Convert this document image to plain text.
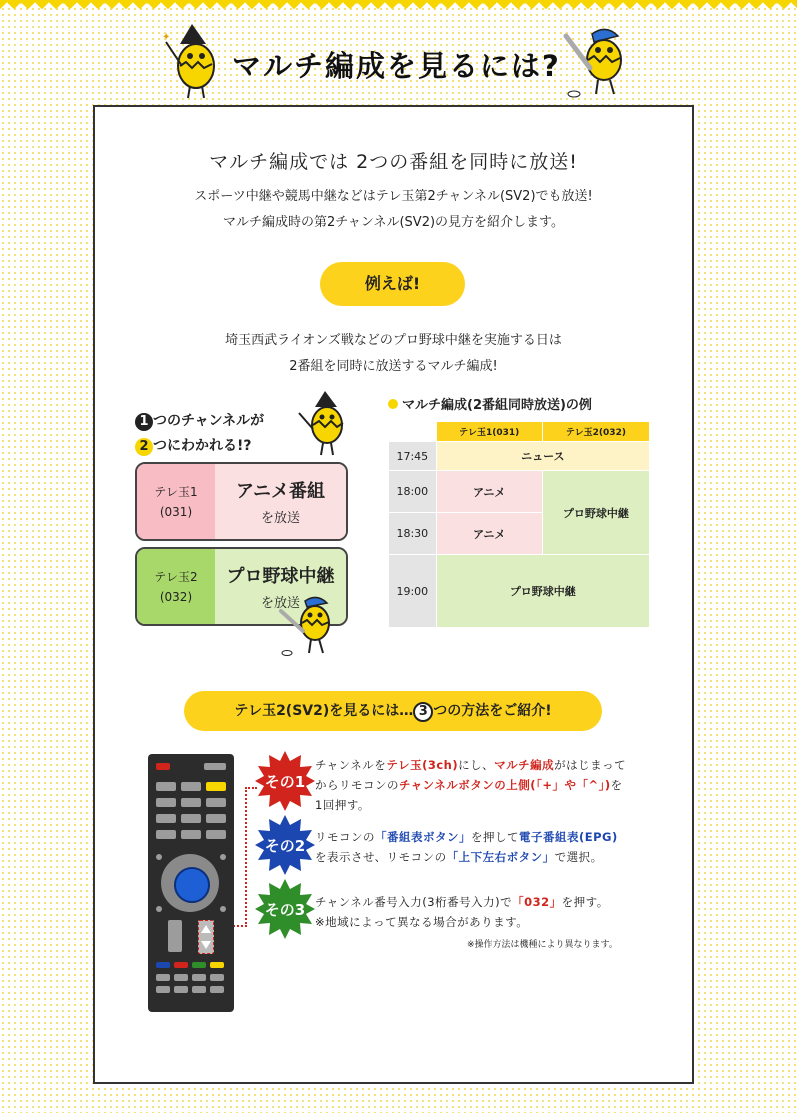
✦
マルチ編成を見るには?
マルチ編成では 2つの番組を同時に放送!
スポーツ中継や競馬中継などはテレ玉第2チャンネル(SV2)でも放送!
マルチ編成時の第2チャンネル(SV2)の見方を紹介します。
例えば!
埼玉西武ライオンズ戦などのプロ野球中継を実施する日は
2番組を同時に放送するマルチ編成!
1 つのチャンネルが
2 つにわかれる!?
テレ玉1
(031)
アニメ番組
を放送
テレ玉2
(032)
プロ野球中継
を放送
マルチ編成(2番組同時放送)の例
	テレ玉1(031)	テレ玉2(032)
17:45	ニュース	
18:00	アニメ	プロ野球中継
18:30	アニメ	
19:00	プロ野球中継	
テレ玉2(SV2)を見るには… 3 つの方法をご紹介!
その1
その2
その3
チャンネルをテレ玉(3ch)にし、マルチ編成がはじまって
からリモコンのチャンネルボタンの上側(「+」や「^」)を
1回押す。
リモコンの「番組表ボタン」を押して電子番組表(EPG)
を表示させ、リモコンの「上下左右ボタン」で選択。
チャンネル番号入力(3桁番号入力)で「032」を押す。
※地域によって異なる場合があります。
※操作方法は機種により異なります。
